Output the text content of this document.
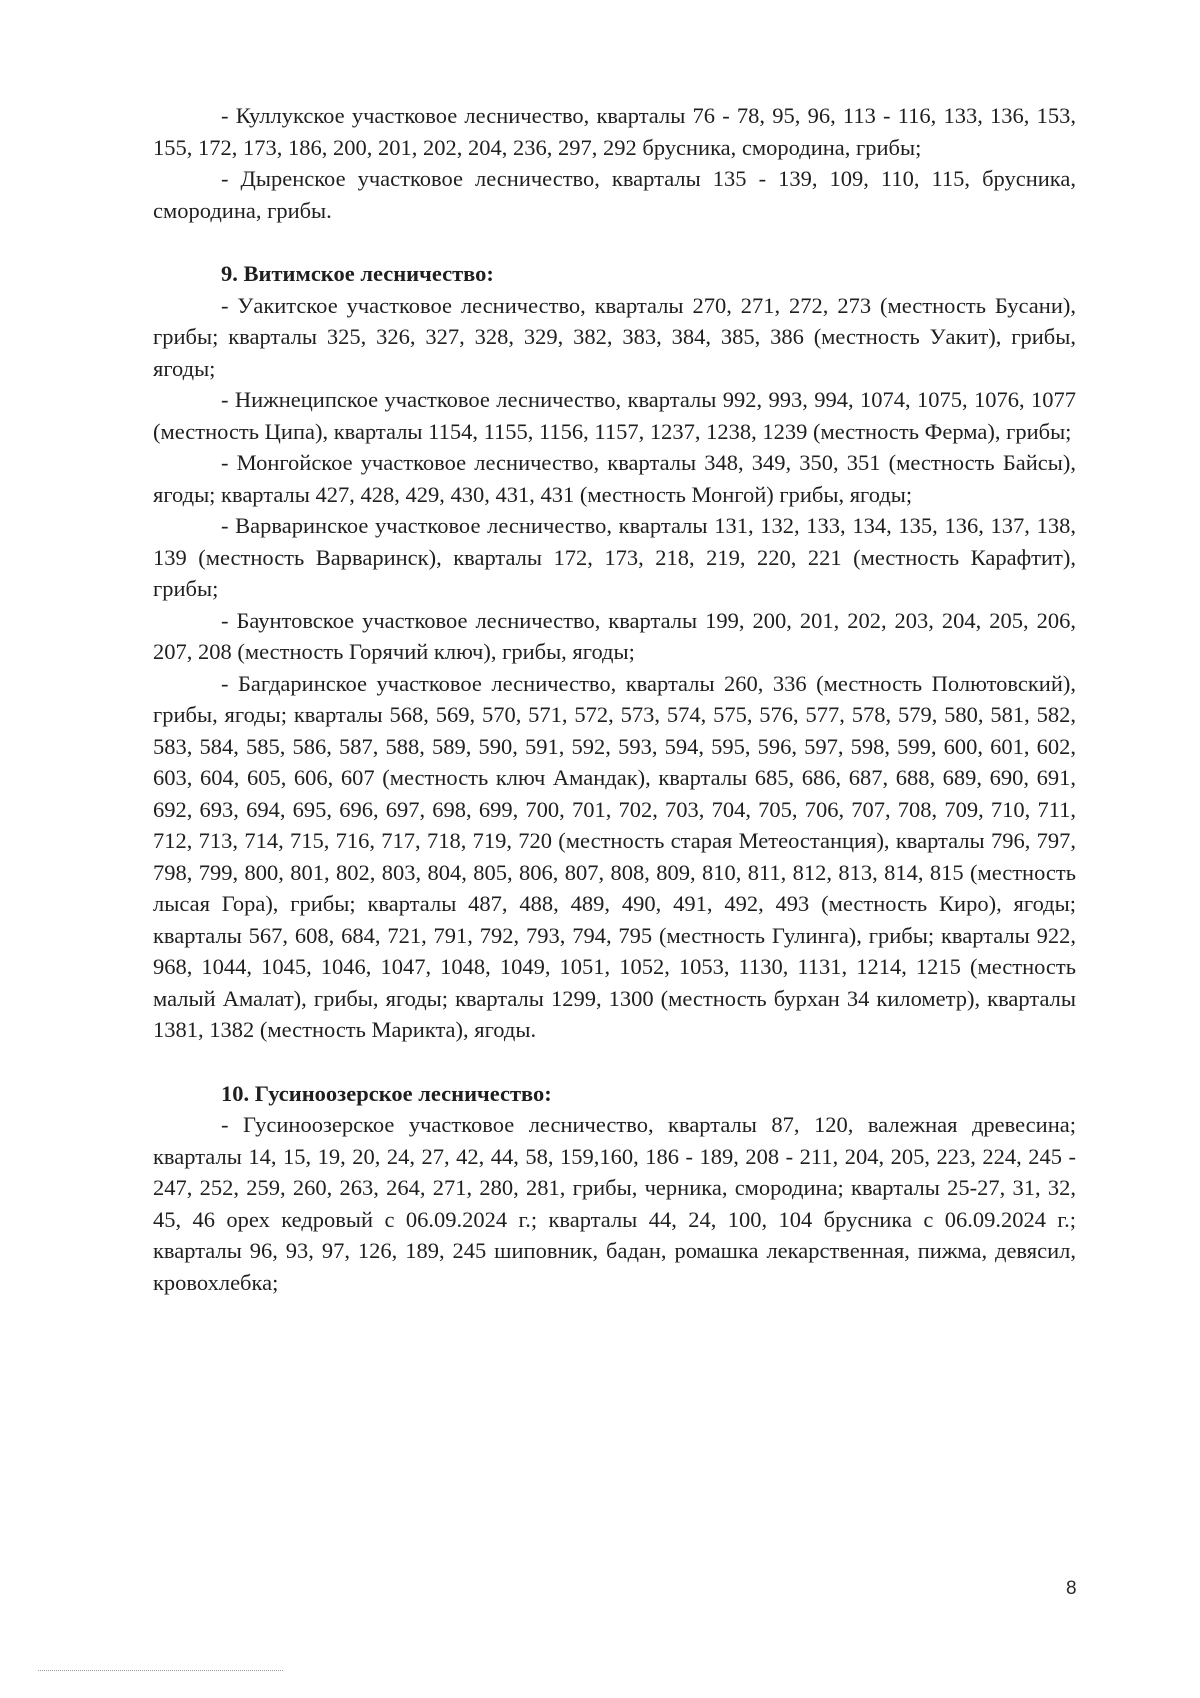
- Куллукское участковое лесничество, кварталы 76 - 78, 95, 96, 113 - 116, 133, 136, 153, 155, 172, 173, 186, 200, 201, 202, 204, 236, 297, 292 брусника, смородина, грибы;

- Дыренское участковое лесничество, кварталы 135 - 139, 109, 110, 115, брусника, смородина, грибы.

9. Витимское лесничество:

- Уакитское участковое лесничество, кварталы 270, 271, 272, 273 (местность Бусани), грибы; кварталы 325, 326, 327, 328, 329, 382, 383, 384, 385, 386 (местность Уакит), грибы, ягоды;

- Нижнеципское участковое лесничество, кварталы 992, 993, 994, 1074, 1075, 1076, 1077 (местность Ципа), кварталы 1154, 1155, 1156, 1157, 1237, 1238, 1239 (местность Ферма), грибы;

- Монгойское участковое лесничество, кварталы 348, 349, 350, 351 (местность Байсы), ягоды; кварталы 427, 428, 429, 430, 431, 431 (местность Монгой) грибы, ягоды;

- Варваринское участковое лесничество, кварталы 131, 132, 133, 134, 135, 136, 137, 138, 139 (местность Варваринск), кварталы 172, 173, 218, 219, 220, 221 (местность Карафтит), грибы;

- Баунтовское участковое лесничество, кварталы 199, 200, 201, 202, 203, 204, 205, 206, 207, 208 (местность Горячий ключ), грибы, ягоды;

- Багдаринское участковое лесничество, кварталы 260, 336 (местность Полютовский), грибы, ягоды; кварталы 568, 569, 570, 571, 572, 573, 574, 575, 576, 577, 578, 579, 580, 581, 582, 583, 584, 585, 586, 587, 588, 589, 590, 591, 592, 593, 594, 595, 596, 597, 598, 599, 600, 601, 602, 603, 604, 605, 606, 607 (местность ключ Амандак), кварталы 685, 686, 687, 688, 689, 690, 691, 692, 693, 694, 695, 696, 697, 698, 699, 700, 701, 702, 703, 704, 705, 706, 707, 708, 709, 710, 711, 712, 713, 714, 715, 716, 717, 718, 719, 720 (местность старая Метеостанция), кварталы 796, 797, 798, 799, 800, 801, 802, 803, 804, 805, 806, 807, 808, 809, 810, 811, 812, 813, 814, 815 (местность лысая Гора), грибы; кварталы 487, 488, 489, 490, 491, 492, 493 (местность Киро), ягоды; кварталы 567, 608, 684, 721, 791, 792, 793, 794, 795 (местность Гулинга), грибы; кварталы 922, 968, 1044, 1045, 1046, 1047, 1048, 1049, 1051, 1052, 1053, 1130, 1131, 1214, 1215 (местность малый Амалат), грибы, ягоды; кварталы 1299, 1300 (местность бурхан 34 километр), кварталы 1381, 1382 (местность Марикта), ягоды.

10. Гусиноозерское лесничество:

- Гусиноозерское участковое лесничество, кварталы 87, 120, валежная древесина; кварталы 14, 15, 19, 20, 24, 27, 42, 44, 58, 159,160, 186 - 189, 208 - 211, 204, 205, 223, 224, 245 - 247, 252, 259, 260, 263, 264, 271, 280, 281, грибы, черника, смородина; кварталы 25-27, 31, 32, 45, 46 орех кедровый с 06.09.2024 г.; кварталы 44, 24, 100, 104 брусника с 06.09.2024 г.; кварталы 96, 93, 97, 126, 189, 245 шиповник, бадан, ромашка лекарственная, пижма, девясил, кровохлебка;

8
